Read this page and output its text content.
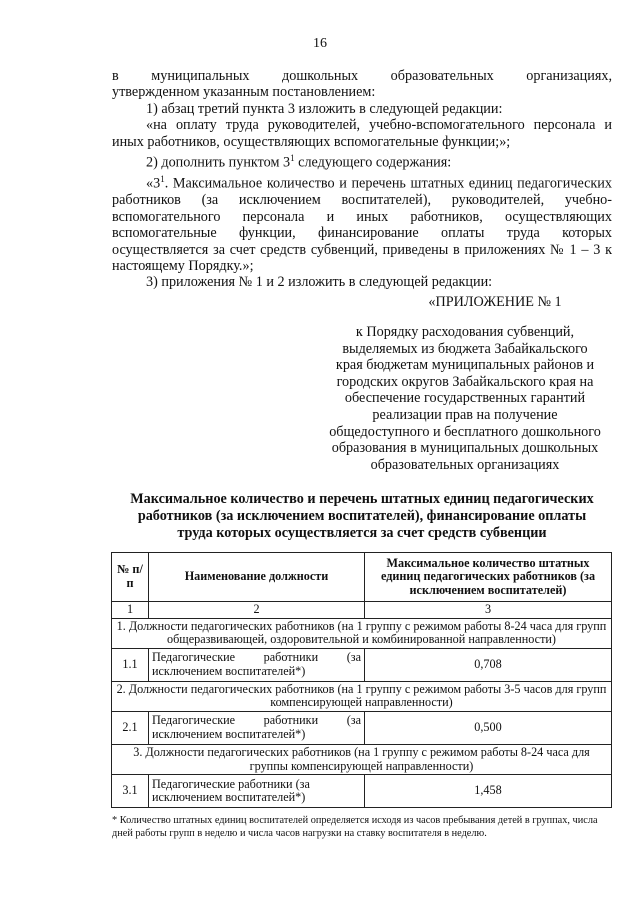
16

в муниципальных дошкольных образовательных организациях,

утвержденном указанным постановлением:

1) абзац третий пункта 3 изложить в следующей редакции:

«на оплату труда руководителей, учебно-вспомогательного персонала и иных работников, осуществляющих вспомогательные функции;»;

2) дополнить пунктом $3^1$ следующего содержания:

«$3^1$. Максимальное количество и перечень штатных единиц педагогических работников (за исключением воспитателей), руководителей, учебно-вспомогательного персонала и иных работников, осуществляющих вспомогательные функции, финансирование оплаты труда которых осуществляется за счет средств субвенций, приведены в приложениях № 1 – 3 к настоящему Порядку.»;

3) приложения № 1 и 2 изложить в следующей редакции:

«ПРИЛОЖЕНИЕ № 1
к Порядку расходования субвенций,
выделяемых из бюджета Забайкальского
края бюджетам муниципальных районов и
городских округов Забайкальского края на
обеспечение государственных гарантий
реализации прав на получение
общедоступного и бесплатного дошкольного
образования в муниципальных дошкольных
образовательных организациях
Максимальное количество и перечень штатных единиц педагогических
работников (за исключением воспитателей), финансирование оплаты
труда которых осуществляется за счет средств субвенции
№ п/п	Наименование должности	Максимальное количество штатных единиц педагогических работников (за исключением воспитателей)
1	2	3
1. Должности педагогических работников (на 1 группу с режимом работы 8-24 часа для групп общеразвивающей, оздоровительной и комбинированной направленности)		
1.1	Педагогические работники (за исключением воспитателей*)	0,708
2. Должности педагогических работников (на 1 группу с режимом работы 3-5 часов для групп компенсирующей направленности)		
2.1	Педагогические работники (за исключением воспитателей*)	0,500
3. Должности педагогических работников (на 1 группу с режимом работы 8-24 часа для группы компенсирующей направленности)		
3.1	Педагогические работники (за исключением воспитателей*)	1,458
* Количество штатных единиц воспитателей определяется исходя из часов пребывания детей в группах, числа дней работы групп в неделю и числа часов нагрузки на ставку воспитателя в неделю.
